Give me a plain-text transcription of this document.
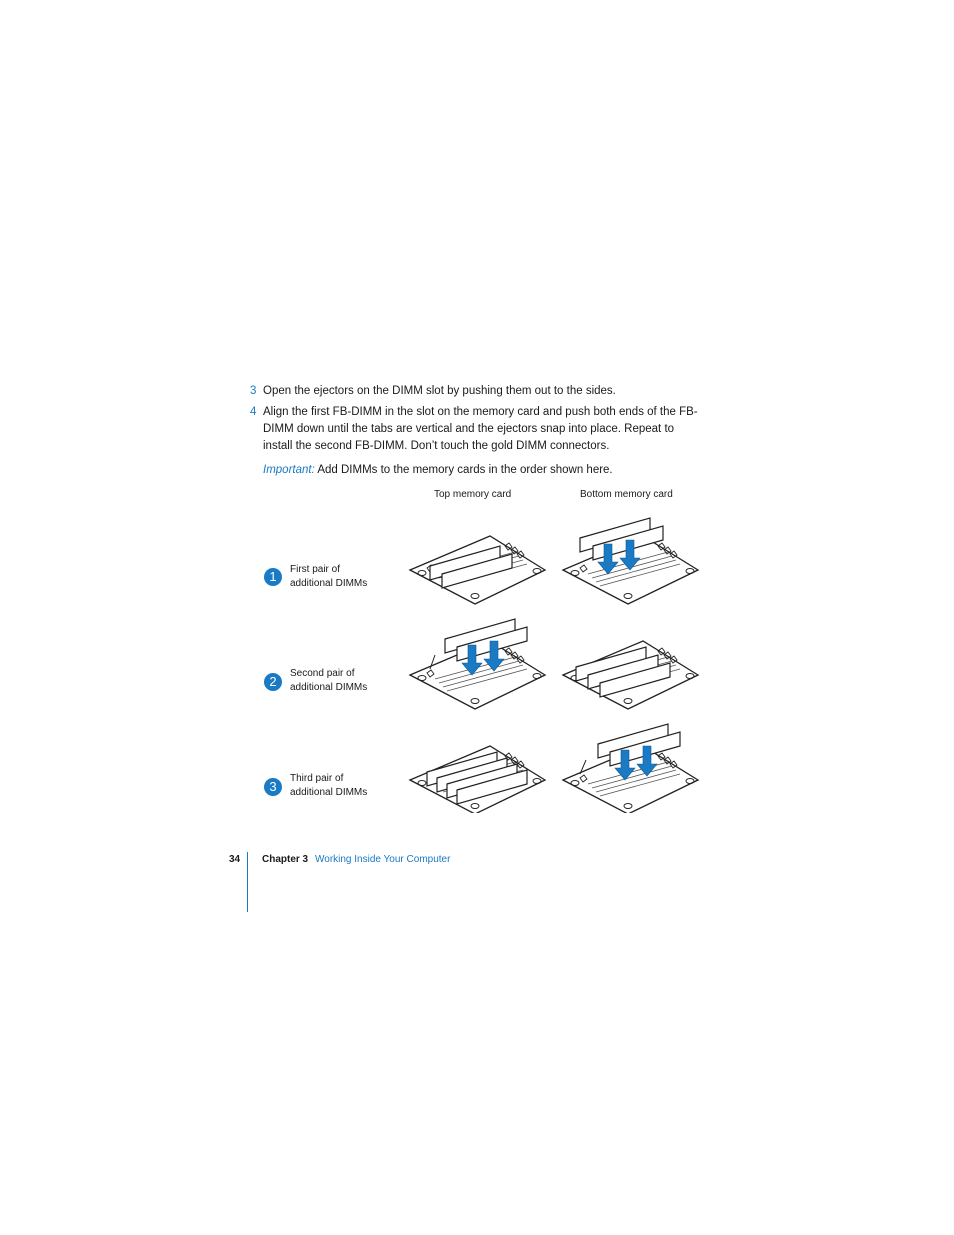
3 Open the ejectors on the DIMM slot by pushing them out to the sides.
4 Align the first FB-DIMM in the slot on the memory card and push both ends of the FB-DIMM down until the tabs are vertical and the ejectors snap into place. Repeat to install the second FB-DIMM. Don’t touch the gold DIMM connectors.
Important: Add DIMMs to the memory cards in the order shown here.
Top memory card	Bottom memory card
1	First pair of
additional DIMMs
2
Second pair of
additional DIMMs
3
Third pair of
additional DIMMs
34 Chapter 3 Working Inside Your Computer
